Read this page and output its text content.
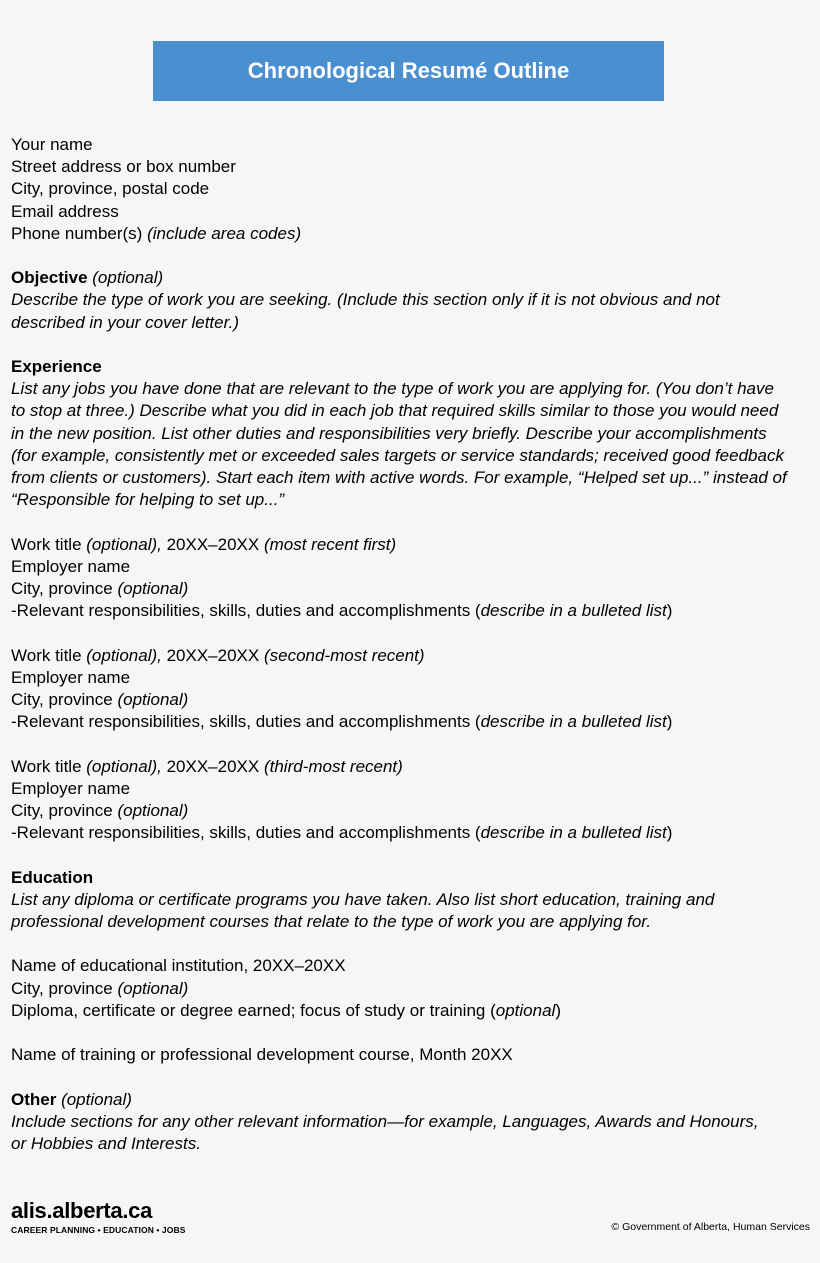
Chronological Resumé Outline
Your name
Street address or box number
City, province, postal code
Email address
Phone number(s) (include area codes)
Objective (optional)
Describe the type of work you are seeking. (Include this section only if it is not obvious and not
described in your cover letter.)
Experience
List any jobs you have done that are relevant to the type of work you are applying for. (You don’t have
to stop at three.) Describe what you did in each job that required skills similar to those you would need
in the new position. List other duties and responsibilities very briefly. Describe your accomplishments
(for example, consistently met or exceeded sales targets or service standards; received good feedback
from clients or customers). Start each item with active words. For example, “Helped set up...” instead of
“Responsible for helping to set up...”
Work title (optional), 20XX–20XX (most recent first)
Employer name
City, province (optional)
-Relevant responsibilities, skills, duties and accomplishments (describe in a bulleted list)
Work title (optional), 20XX–20XX (second-most recent)
Employer name
City, province (optional)
-Relevant responsibilities, skills, duties and accomplishments (describe in a bulleted list)
Work title (optional), 20XX–20XX (third-most recent)
Employer name
City, province (optional)
-Relevant responsibilities, skills, duties and accomplishments (describe in a bulleted list)
Education
List any diploma or certificate programs you have taken. Also list short education, training and
professional development courses that relate to the type of work you are applying for.
Name of educational institution, 20XX–20XX
City, province (optional)
Diploma, certificate or degree earned; focus of study or training (optional)
Name of training or professional development course, Month 20XX
Other (optional)
Include sections for any other relevant information—for example, Languages, Awards and Honours,
or Hobbies and Interests.
alis.alberta.ca
CAREER PLANNING • EDUCATION • JOBS	© Government of Alberta, Human Services
